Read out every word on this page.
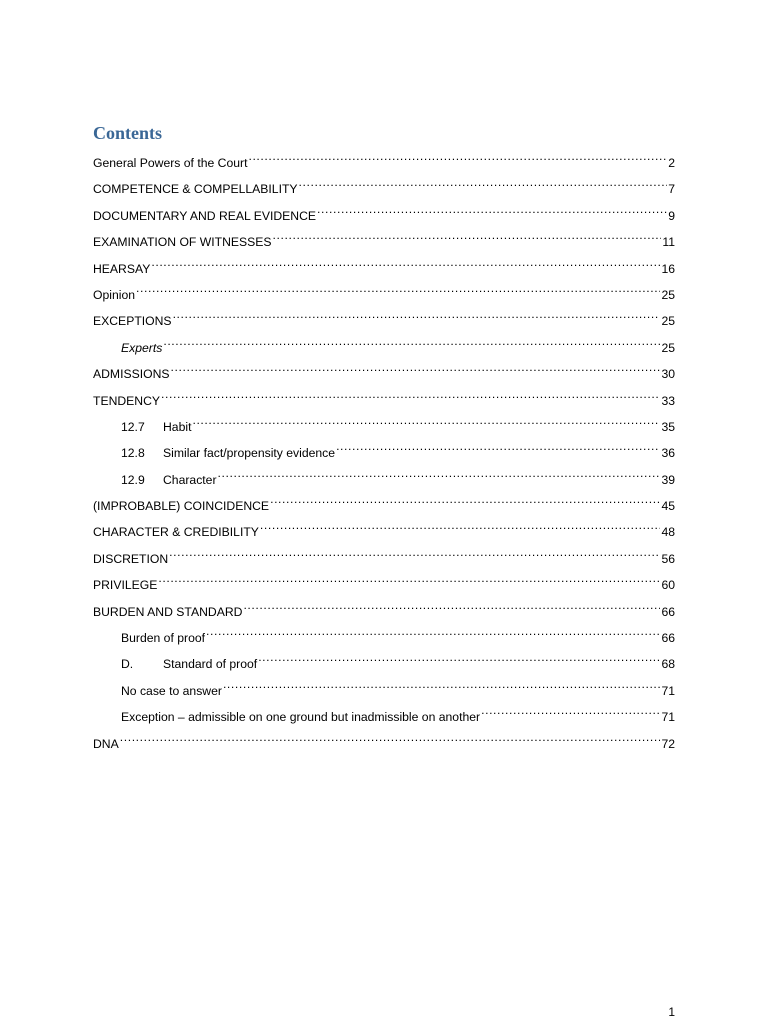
Contents
General Powers of the Court .....	2
COMPETENCE & COMPELLABILITY .....	7
DOCUMENTARY AND REAL EVIDENCE .....	9
EXAMINATION OF WITNESSES .....	11
HEARSAY .....	16
Opinion .....	25
EXCEPTIONS .....	25
Experts .....	25
ADMISSIONS .....	30
TENDENCY .....	33
12.7	Habit .....	35
12.8	Similar fact/propensity evidence .....	36
12.9	Character .....	39
(IMPROBABLE) COINCIDENCE .....	45
CHARACTER & CREDIBILITY .....	48
DISCRETION .....	56
PRIVILEGE .....	60
BURDEN AND STANDARD .....	66
Burden of proof .....	66
D.	Standard of proof .....	68
No case to answer .....	71
Exception – admissible on one ground but inadmissible on another .....	71
DNA .....	72
1
